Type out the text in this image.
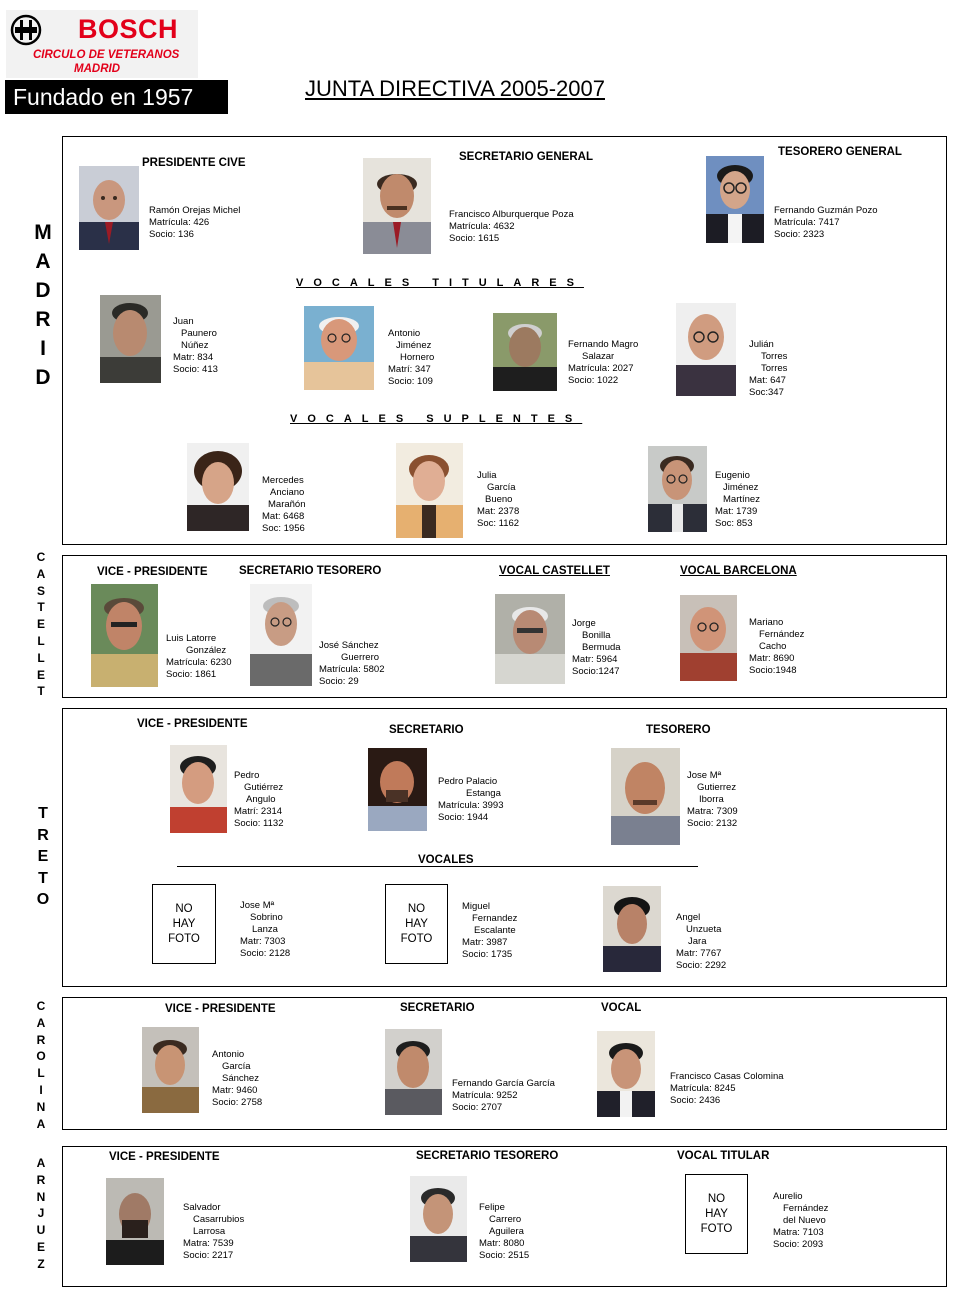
BOSCH
CIRCULO DE VETERANOS
MADRID
Fundado en 1957	JUNTA DIRECTIVA 2005-2007
M
A
D
R
I
D
PRESIDENTE CIVE	SECRETARIO GENERAL	TESORERO GENERAL
Ramón Orejas Michel
Matrícula: 426
Socio: 136
Francisco Alburquerque Poza
Matrícula: 4632
Socio: 1615
Fernando Guzmán Pozo
Matrícula: 7417
Socio: 2323
VOCALES TITULARES
Juan
Paunero
Núñez
Matr: 834
Socio: 413
Antonio
Jiménez
Hornero
Matrí: 347
Socio: 109
Fernando Magro
Salazar
Matrícula: 2027
Socio: 1022
Julián
Torres
Torres
Mat: 647
Soc:347
VOCALES SUPLENTES
Mercedes
Anciano
Marañón
Mat: 6468
Soc: 1956
Julia
García
Bueno
Mat: 2378
Soc: 1162
Eugenio
Jiménez
Martínez
Mat: 1739
Soc: 853
C
A
S
T
E
L
L
E
T
VICE - PRESIDENTE	SECRETARIO TESORERO	VOCAL CASTELLET	VOCAL BARCELONA
Luis Latorre
González
Matrícula: 6230
Socio: 1861
José Sánchez
Guerrero
Matrícula: 5802
Socio: 29
Jorge
Bonilla
Bermuda
Matr: 5964
Socio:1247
Mariano
Fernández
Cacho
Matr: 8690
Socio:1948
T
R
E
T
O
VICE - PRESIDENTE	SECRETARIO	TESORERO
Pedro
Gutiérrez
Angulo
Matrí: 2314
Socio: 1132
Pedro Palacio
Estanga
Matrícula: 3993
Socio: 1944
Jose Mª
Gutierrez
Iborra
Matra: 7309
Socio: 2132
VOCALES
NO
HAY
FOTO
NO
HAY
FOTO
Jose Mª
Sobrino
Lanza
Matr: 7303
Socio: 2128
Miguel
Fernandez
Escalante
Matr: 3987
Socio: 1735
Angel
Unzueta
Jara
Matr: 7767
Socio: 2292
C
A
R
O
L
I
N
A
VICE - PRESIDENTE	SECRETARIO	VOCAL
Antonio
García
Sánchez
Matr: 9460
Socio: 2758
Fernando García García
Matrícula: 9252
Socio: 2707
Francisco Casas Colomina
Matrícula: 8245
Socio: 2436
A
R
N
J
U
E
Z
VICE - PRESIDENTE	SECRETARIO TESORERO	VOCAL TITULAR
NO
HAY
FOTO
Salvador
Casarrubios
Larrosa
Matra: 7539
Socio: 2217
Felipe
Carrero
Aguilera
Matr: 8080
Socio: 2515
Aurelio
Fernández
del Nuevo
Matra: 7103
Socio: 2093
